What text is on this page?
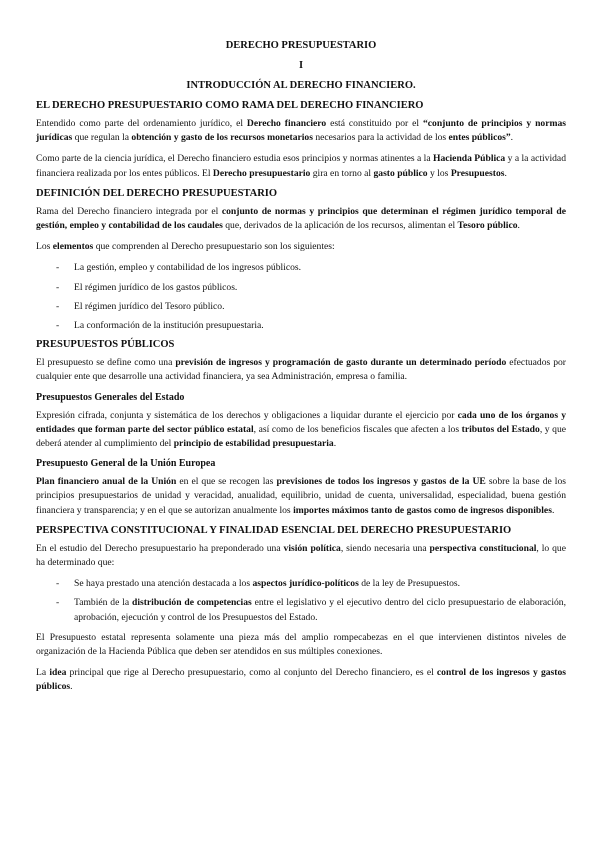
DERECHO PRESUPUESTARIO
I
INTRODUCCIÓN AL DERECHO FINANCIERO.
EL DERECHO PRESUPUESTARIO COMO RAMA DEL DERECHO FINANCIERO

Entendido como parte del ordenamiento jurídico, el Derecho financiero está constituido por el “conjunto de principios y normas jurídicas que regulan la obtención y gasto de los recursos monetarios necesarios para la actividad de los entes públicos”.

Como parte de la ciencia jurídica, el Derecho financiero estudia esos principios y normas atinentes a la Hacienda Pública y a la actividad financiera realizada por los entes públicos. El Derecho presupuestario gira en torno al gasto público y los Presupuestos.

DEFINICIÓN DEL DERECHO PRESUPUESTARIO

Rama del Derecho financiero integrada por el conjunto de normas y principios que determinan el régimen jurídico temporal de gestión, empleo y contabilidad de los caudales que, derivados de la aplicación de los recursos, alimentan el Tesoro público.

Los elementos que comprenden al Derecho presupuestario son los siguientes:

- La gestión, empleo y contabilidad de los ingresos públicos.
- El régimen jurídico de los gastos públicos.
- El régimen jurídico del Tesoro público.
- La conformación de la institución presupuestaria.
PRESUPUESTOS PÚBLICOS

El presupuesto se define como una previsión de ingresos y programación de gasto durante un determinado período efectuados por cualquier ente que desarrolle una actividad financiera, ya sea Administración, empresa o familia.

Presupuestos Generales del Estado

Expresión cifrada, conjunta y sistemática de los derechos y obligaciones a liquidar durante el ejercicio por cada uno de los órganos y entidades que forman parte del sector público estatal, así como de los beneficios fiscales que afecten a los tributos del Estado, y que deberá atender al cumplimiento del principio de estabilidad presupuestaria.

Presupuesto General de la Unión Europea

Plan financiero anual de la Unión en el que se recogen las previsiones de todos los ingresos y gastos de la UE sobre la base de los principios presupuestarios de unidad y veracidad, anualidad, equilibrio, unidad de cuenta, universalidad, especialidad, buena gestión financiera y transparencia; y en el que se autorizan anualmente los importes máximos tanto de gastos como de ingresos disponibles.

PERSPECTIVA CONSTITUCIONAL Y FINALIDAD ESENCIAL DEL DERECHO PRESUPUESTARIO

En el estudio del Derecho presupuestario ha preponderado una visión política, siendo necesaria una perspectiva constitucional, lo que ha determinado que:

- Se haya prestado una atención destacada a los aspectos jurídico-políticos de la ley de Presupuestos.
- También de la distribución de competencias entre el legislativo y el ejecutivo dentro del ciclo presupuestario de elaboración, aprobación, ejecución y control de los Presupuestos del Estado.

El Presupuesto estatal representa solamente una pieza más del amplio rompecabezas en el que intervienen distintos niveles de organización de la Hacienda Pública que deben ser atendidos en sus múltiples conexiones.

La idea principal que rige al Derecho presupuestario, como al conjunto del Derecho financiero, es el control de los ingresos y gastos públicos.
